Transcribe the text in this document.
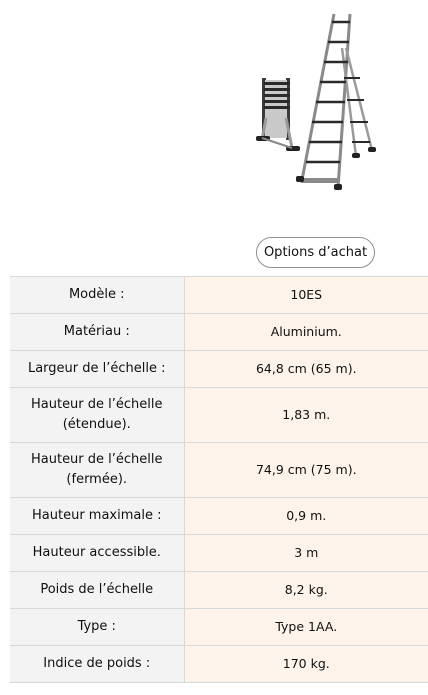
Options d’achat
Modèle :	10ES
Matériau :	Aluminium.
Largeur de l’échelle :	64,8 cm (65 m).
Hauteur de l’échelle (étendue).	1,83 m.
Hauteur de l’échelle (fermée).	74,9 cm (75 m).
Hauteur maximale :	0,9 m.
Hauteur accessible.	3 m
Poids de l’échelle	8,2 kg.
Type :	Type 1AA.
Indice de poids :	170 kg.
